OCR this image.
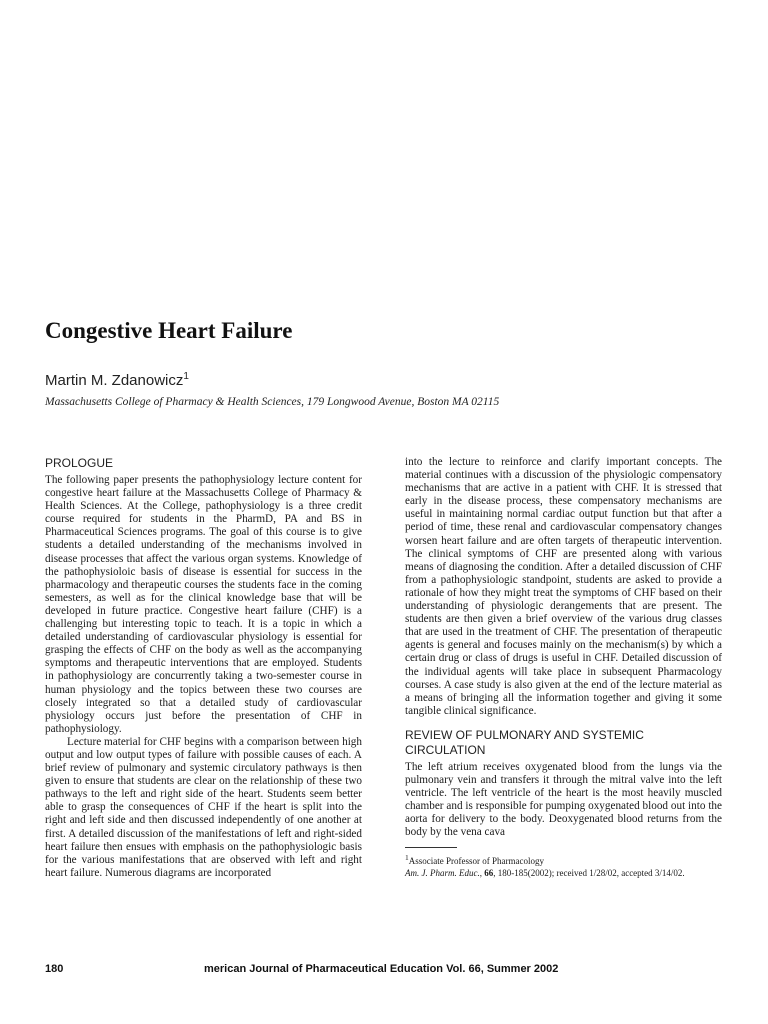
Congestive Heart Failure
Martin M. Zdanowicz$^1$
Massachusetts College of Pharmacy & Health Sciences, 179 Longwood Avenue, Boston MA 02115
PROLOGUE

The following paper presents the pathophysiology lecture content for congestive heart failure at the Massachusetts College of Pharmacy & Health Sciences. At the College, pathophysiology is a three credit course required for students in the PharmD, PA and BS in Pharmaceutical Sciences programs. The goal of this course is to give students a detailed understanding of the mechanisms involved in disease processes that affect the various organ systems. Knowledge of the pathophysioloic basis of disease is essential for success in the pharmacology and therapeutic courses the students face in the coming semesters, as well as for the clinical knowledge base that will be developed in future practice. Congestive heart failure (CHF) is a challenging but interesting topic to teach. It is a topic in which a detailed understanding of cardiovascular physiology is essential for grasping the effects of CHF on the body as well as the accompanying symptoms and therapeutic interventions that are employed. Students in pathophysiology are concurrently taking a two-semester course in human physiology and the topics between these two courses are closely integrated so that a detailed study of cardiovascular physiology occurs just before the presentation of CHF in pathophysiology.

Lecture material for CHF begins with a comparison between high output and low output types of failure with possible causes of each. A brief review of pulmonary and systemic circulatory pathways is then given to ensure that students are clear on the relationship of these two pathways to the left and right side of the heart. Students seem better able to grasp the consequences of CHF if the heart is split into the right and left side and then discussed independently of one another at first. A detailed discussion of the manifestations of left and right-sided heart failure then ensues with emphasis on the pathophysiologic basis for the various manifestations that are observed with left and right heart failure. Numerous diagrams are incorporated

into the lecture to reinforce and clarify important concepts. The material continues with a discussion of the physiologic compensatory mechanisms that are active in a patient with CHF. It is stressed that early in the disease process, these compensatory mechanisms are useful in maintaining normal cardiac output function but that after a period of time, these renal and cardiovascular compensatory changes worsen heart failure and are often targets of therapeutic intervention. The clinical symptoms of CHF are presented along with various means of diagnosing the condition. After a detailed discussion of CHF from a pathophysiologic standpoint, students are asked to provide a rationale of how they might treat the symptoms of CHF based on their understanding of physiologic derangements that are present. The students are then given a brief overview of the various drug classes that are used in the treatment of CHF. The presentation of therapeutic agents is general and focuses mainly on the mechanism(s) by which a certain drug or class of drugs is useful in CHF. Detailed discussion of the individual agents will take place in subsequent Pharmacology courses. A case study is also given at the end of the lecture material as a means of bringing all the information together and giving it some tangible clinical significance.

REVIEW OF PULMONARY AND SYSTEMIC CIRCULATION

The left atrium receives oxygenated blood from the lungs via the pulmonary vein and transfers it through the mitral valve into the left ventricle. The left ventricle of the heart is the most heavily muscled chamber and is responsible for pumping oxygenated blood out into the aorta for delivery to the body. Deoxygenated blood returns from the body by the vena cava

$^1$Associate Professor of Pharmacology
Am. J. Pharm. Educ., 66, 180-185(2002); received 1/28/02, accepted 3/14/02.
180	merican Journal of Pharmaceutical Education Vol. 66, Summer 2002
